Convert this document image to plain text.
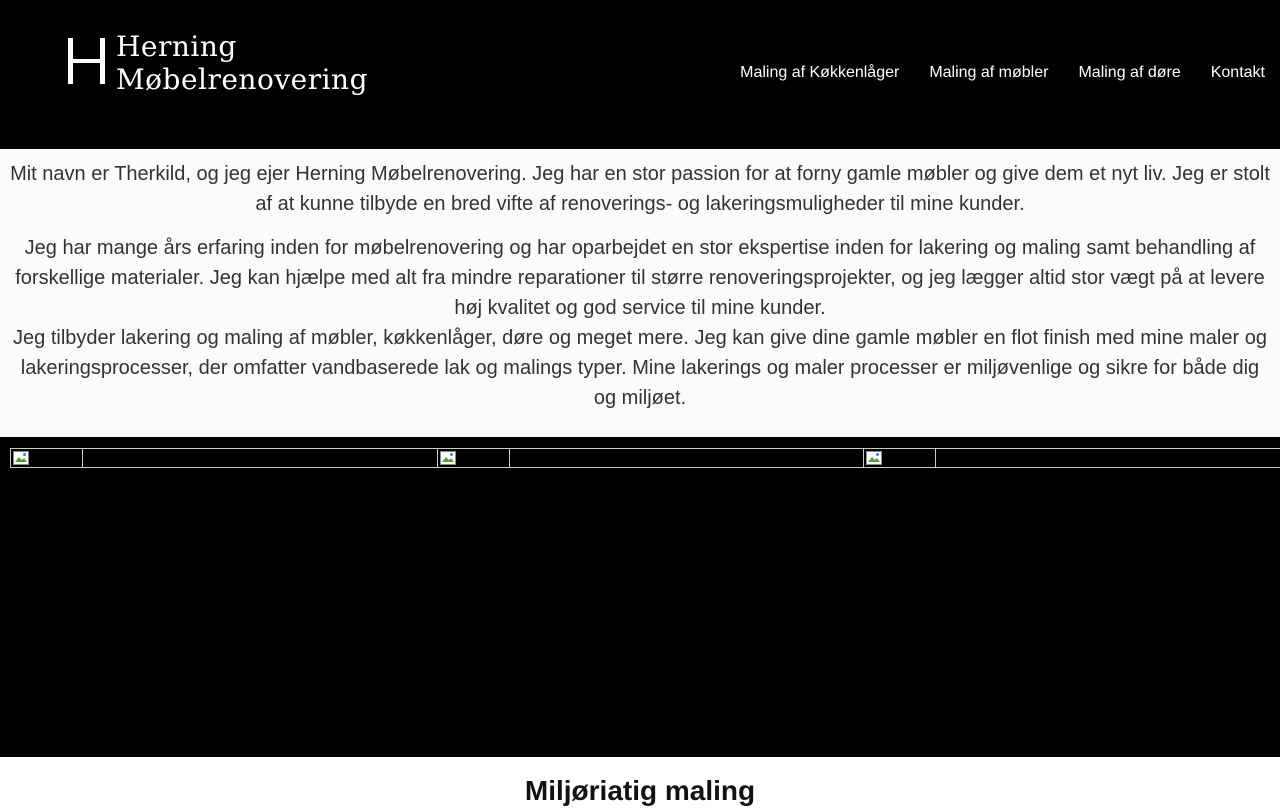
Herning
Møbelrenovering	Maling af Køkkenlåger Maling af møbler Maling af døre Kontakt

Mit navn er Therkild, og jeg ejer Herning Møbelrenovering. Jeg har en stor passion for at forny gamle møbler og give dem et nyt liv. Jeg er stolt af at kunne tilbyde en bred vifte af renoverings- og lakeringsmuligheder til mine kunder.

Jeg har mange års erfaring inden for møbelrenovering og har oparbejdet en stor ekspertise inden for lakering og maling samt behandling af forskellige materialer. Jeg kan hjælpe med alt fra mindre reparationer til større renoveringsprojekter, og jeg lægger altid stor vægt på at levere høj kvalitet og god service til mine kunder.

Jeg tilbyder lakering og maling af møbler, køkkenlåger, døre og meget mere. Jeg kan give dine gamle møbler en flot finish med mine maler og lakeringsprocesser, der omfatter vandbaserede lak og malings typer. Mine lakerings og maler processer er miljøvenlige og sikre for både dig og miljøet.

Miljøriatig maling
